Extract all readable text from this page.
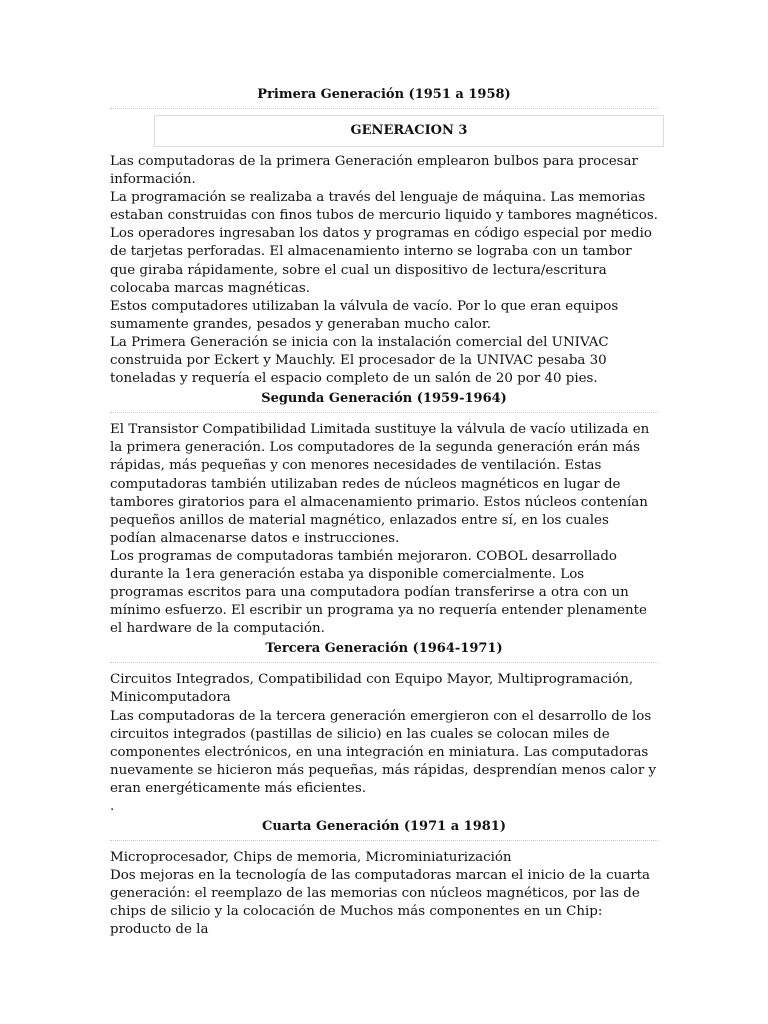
Primera Generación (1951 a 1958)

GENERACION 3

Las computadoras de la primera Generación emplearon bulbos para procesar información.

La programación se realizaba a través del lenguaje de máquina. Las memorias estaban construidas con finos tubos de mercurio liquido y tambores magnéticos. Los operadores ingresaban los datos y programas en código especial por medio de tarjetas perforadas. El almacenamiento interno se lograba con un tambor que giraba rápidamente, sobre el cual un dispositivo de lectura/escritura colocaba marcas magnéticas.

Estos computadores utilizaban la válvula de vacío. Por lo que eran equipos sumamente grandes, pesados y generaban mucho calor.

La Primera Generación se inicia con la instalación comercial del UNIVAC construida por Eckert y Mauchly. El procesador de la UNIVAC pesaba 30 toneladas y requería el espacio completo de un salón de 20 por 40 pies.

Segunda Generación (1959-1964)

El Transistor Compatibilidad Limitada sustituye la válvula de vacío utilizada en la primera generación. Los computadores de la segunda generación erán más rápidas, más pequeñas y con menores necesidades de ventilación. Estas computadoras también utilizaban redes de núcleos magnéticos en lugar de tambores giratorios para el almacenamiento primario. Estos núcleos contenían pequeños anillos de material magnético, enlazados entre sí, en los cuales podían almacenarse datos e instrucciones.

Los programas de computadoras también mejoraron. COBOL desarrollado durante la 1era generación estaba ya disponible comercialmente. Los programas escritos para una computadora podían transferirse a otra con un mínimo esfuerzo. El escribir un programa ya no requería entender plenamente el hardware de la computación.

Tercera Generación (1964-1971)

Circuitos Integrados, Compatibilidad con Equipo Mayor, Multiprogramación, Minicomputadora

Las computadoras de la tercera generación emergieron con el desarrollo de los circuitos integrados (pastillas de silicio) en las cuales se colocan miles de componentes electrónicos, en una integración en miniatura. Las computadoras nuevamente se hicieron más pequeñas, más rápidas, desprendían menos calor y eran energéticamente más eficientes.

.

Cuarta Generación (1971 a 1981)

Microprocesador, Chips de memoria, Microminiaturización

Dos mejoras en la tecnología de las computadoras marcan el inicio de la cuarta generación: el reemplazo de las memorias con núcleos magnéticos, por las de chips de silicio y la colocación de Muchos más componentes en un Chip: producto de la
